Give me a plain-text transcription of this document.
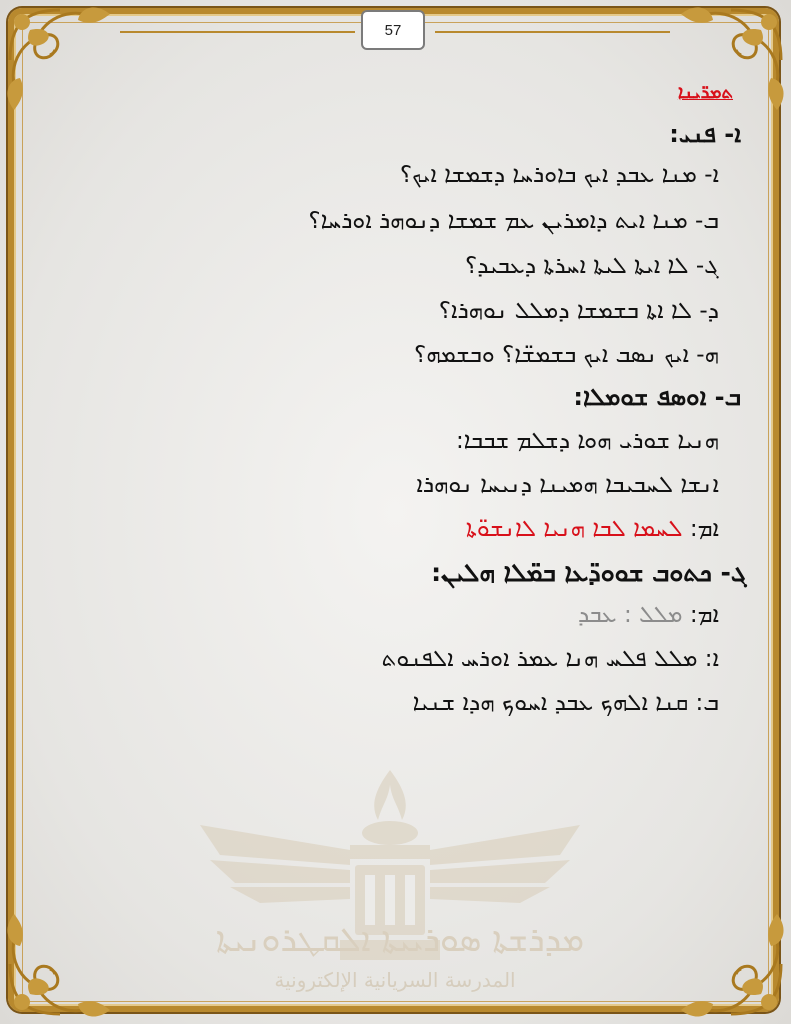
57
ܡܕܪܫܬܐ ܣܘܪܝܝܬܐ ܐܠܩܛܪܘܢܝܬܐ
المدرسة السريانية الإلكترونية
ܬܡܪ̈ܝܢܐ
ܐ- ܦܢܝ:
ܐ- ܡܢܐ ܥܒܕ ܐܝܟ ܒܐܘܪܚܐ ܕܫܡܫܐ ܐܝܟ؟
ܒ- ܡܢܐ ܐܝܬ ܕܐܡܪܝܢ ܥܡ ܫܡܫܐ ܕܢܘܗܪ ܐܘܪܚܐ؟
ܓ- ܠܐ ܐܝܬܐ ܠܝܬܐ ܐܚܪܬܐ ܕܥܒܝܕ؟
ܕ- ܠܐ ܐܬܐ ܒܫܡܫܐ ܕܡܠܠ ܢܘܗܪܐ؟
ܗ- ܐܝܟ ܢܣܒ ܐܝܟ ܒܫܡܫ̈ܐ؟ ܘܒܫܡܗ؟
ܒ- ܐܘܣܦ ܫܘܡܠܐ:
ܗܢܝܐ ܫܘܪܝ ܗܘܐ ܕܫܠܡ ܫܒܒܐ:
ܐܢܫܐ ܠܚܒܝܒܐ ܗܡܝܢܐ ܕܢܝܚܐ ܢܘܗܪܐ
ܐܡ: ܠܚܡܐ ܠܒܐ ܗܢܝܐ ܠܐܢܫܘ̈ܬܐ
ܓ- ܟܬܘܒ ܫܘܘܕ̈ܥܐ ܒܡ̈ܠܐ ܗܠܝܢ:
ܐܡ: ܡܠܠ : ܥܒܕ
ܐ: ܡܠܠ ܦܠܚ ܗܢܐ ܥܡܪ ܐܘܪܚ ܐܠܦܢܘܬ
ܒ: ܩܢܐ ܐܠܗܟ ܥܒܕ ܐܚܘܟ ܗܕܐ ܫܢܝܐ
